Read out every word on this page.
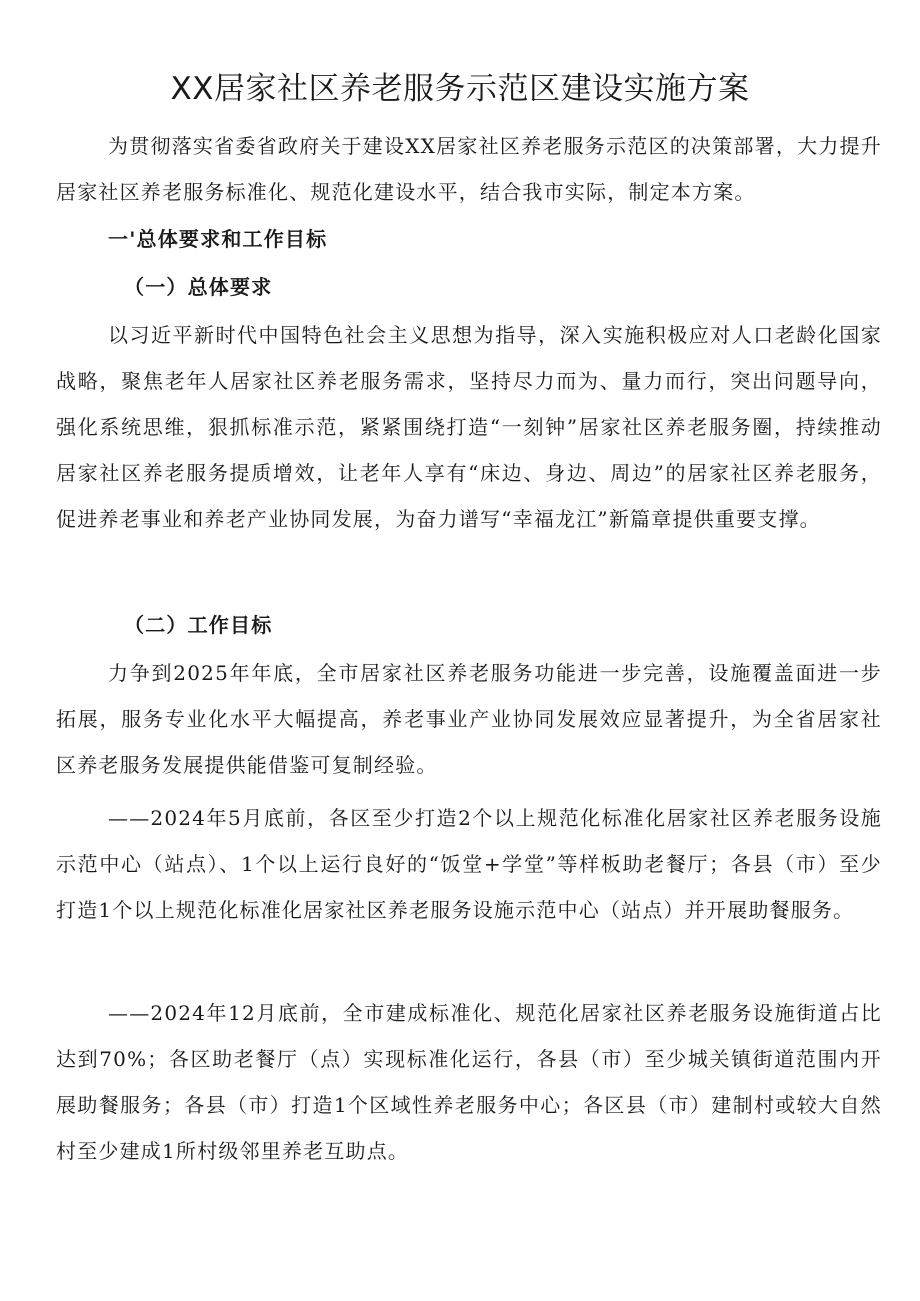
XX居家社区养老服务示范区建设实施方案

为贯彻落实省委省政府关于建设XX居家社区养老服务示范区的决策部署，大力提升居家社区养老服务标准化、规范化建设水平，结合我市实际，制定本方案。

一'总体要求和工作目标

（一）总体要求

以习近平新时代中国特色社会主义思想为指导，深入实施积极应对人口老龄化国家战略，聚焦老年人居家社区养老服务需求，坚持尽力而为、量力而行，突出问题导向，强化系统思维，狠抓标准示范，紧紧围绕打造“一刻钟”居家社区养老服务圈，持续推动居家社区养老服务提质增效，让老年人享有“床边、身边、周边”的居家社区养老服务，促进养老事业和养老产业协同发展，为奋力谱写“幸福龙江”新篇章提供重要支撑。

（二）工作目标

力争到2025年年底，全市居家社区养老服务功能进一步完善，设施覆盖面进一步拓展，服务专业化水平大幅提高，养老事业产业协同发展效应显著提升，为全省居家社区养老服务发展提供能借鉴可复制经验。

——2024年5月底前，各区至少打造2个以上规范化标准化居家社区养老服务设施示范中心（站点）、1个以上运行良好的“饭堂+学堂”等样板助老餐厅；各县（市）至少打造1个以上规范化标准化居家社区养老服务设施示范中心（站点）并开展助餐服务。

——2024年12月底前，全市建成标准化、规范化居家社区养老服务设施街道占比达到70%；各区助老餐厅（点）实现标准化运行，各县（市）至少城关镇街道范围内开展助餐服务；各县（市）打造1个区域性养老服务中心；各区县（市）建制村或较大自然村至少建成1所村级邻里养老互助点。
